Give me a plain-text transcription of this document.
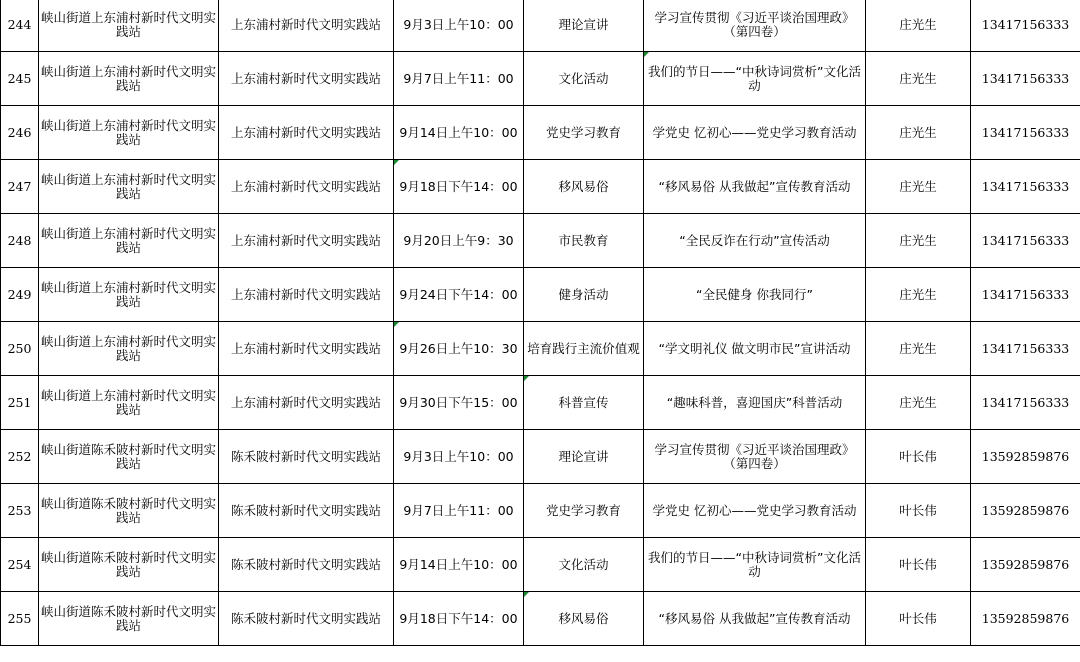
244	峡山街道上东浦村新时代文明实践站	上东浦村新时代文明实践站	9月3日上午10：00	理论宣讲	学习宣传贯彻《习近平谈治国理政》（第四卷）	庄光生	13417156333
245	峡山街道上东浦村新时代文明实践站	上东浦村新时代文明实践站	9月7日上午11：00	文化活动	我们的节日——“中秋诗词赏析”文化活动	庄光生	13417156333
246	峡山街道上东浦村新时代文明实践站	上东浦村新时代文明实践站	9月14日上午10：00	党史学习教育	学党史 忆初心——党史学习教育活动	庄光生	13417156333
247	峡山街道上东浦村新时代文明实践站	上东浦村新时代文明实践站	9月18日下午14：00	移风易俗	“移风易俗 从我做起”宣传教育活动	庄光生	13417156333
248	峡山街道上东浦村新时代文明实践站	上东浦村新时代文明实践站	9月20日上午9：30	市民教育	“全民反诈在行动”宣传活动	庄光生	13417156333
249	峡山街道上东浦村新时代文明实践站	上东浦村新时代文明实践站	9月24日下午14：00	健身活动	“全民健身 你我同行”	庄光生	13417156333
250	峡山街道上东浦村新时代文明实践站	上东浦村新时代文明实践站	9月26日上午10：30	培育践行主流价值观	“学文明礼仪 做文明市民”宣讲活动	庄光生	13417156333
251	峡山街道上东浦村新时代文明实践站	上东浦村新时代文明实践站	9月30日下午15：00	科普宣传	“趣味科普，喜迎国庆”科普活动	庄光生	13417156333
252	峡山街道陈禾陂村新时代文明实践站	陈禾陂村新时代文明实践站	9月3日上午10：00	理论宣讲	学习宣传贯彻《习近平谈治国理政》（第四卷）	叶长伟	13592859876
253	峡山街道陈禾陂村新时代文明实践站	陈禾陂村新时代文明实践站	9月7日上午11：00	党史学习教育	学党史 忆初心——党史学习教育活动	叶长伟	13592859876
254	峡山街道陈禾陂村新时代文明实践站	陈禾陂村新时代文明实践站	9月14日上午10：00	文化活动	我们的节日——“中秋诗词赏析”文化活动	叶长伟	13592859876
255	峡山街道陈禾陂村新时代文明实践站	陈禾陂村新时代文明实践站	9月18日下午14：00	移风易俗	“移风易俗 从我做起”宣传教育活动	叶长伟	13592859876
